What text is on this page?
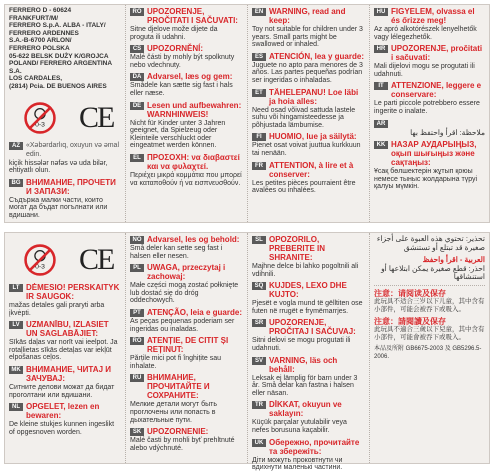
FERRERO D - 60624 FRANKFURT/M/
FERRERO S.p.A. ALBA - ITALY/
FERRERO ARDENNES
S.A.-B-6700 ARLON/
FERRERO POLSKA
05-622 BELSK DUŻY K/GROJCA
POLAND/ FERRERO ARGENTINA S.A.
LOS CARDALES,
(2814) Pcia. DE BUENOS AIRES
0-3 CE
AZ «Xəbərdarlıq, oxuyun və əmal edin.
kiçik hissələr nəfəs və uda bilər, ehtiyatlı olun.
BG ВНИМАНИЕ, ПРОЧЕТИ И ЗАПАЗИ:
Съдържа малки части, които могат да бъдат погълнати или вдишани.
RO UPOZORENJE, PROČITATI I SAČUVATI:
Sitne djelove može dijete da proguta ili udahni.
CS UPOZORNĚNÍ:
Malé části by mohly být spolknuty nebo vdechnuty.
DA Advarsel, læs og gem:
Smådele kan sætte sig fast i hals eller næse.
DE Lesen und aufbewahren: WARNHINWEIS!
Nicht für Kinder unter 3 Jahren geeignet, da Spielzeug oder Kleinteile verschluckt oder eingeatmet werden können.
EL ΠΡΟΣΟΧΗ: να διαβαστεί και να φυλαχτεί.
Περιέχει μικρά κομμάτια που μπορεί να καταποθούν ή να εισπνευσθούν.
EN WARNING, read and keep:
Toy not suitable for children under 3 years. Small parts might be swallowed or inhaled.
ES ATENCIÓN, lea y guarde:
Juguete no apto para menores de 3 años. Las partes pequeñas podrían ser ingeridas o inhaladas.
ET TÄHELEPANU! Loe läbi ja hoia alles:
Need osad võivad sattuda lastele suhu või hingamisteedesse ja põhjustada lämbumise.
FI HUOMIO, lue ja säilytä:
Pienet osat voivat juuttua kurkkuun tai nenään.
FR ATTENTION, à lire et à conserver:
Les petites pièces pourraient être avalées ou inhalées.
HU FIGYELEM, olvassa el és őrizze meg!
Az apró alkotórészek lenyelhetők vagy lélegezhetők.
HR UPOZORENJE, pročitati i sačuvati:
Mali dijelovi mogu se progutati ili udahnuti.
IT ATTENZIONE, leggere e conservare:
Le parti piccole potrebbero essere ingerite o inalate.
AR
ملاحظة: اقرأ واحتفظ بها
KK НАЗАР АУДАРЫҢЫЗ, оқып шығыңыз және сақтаңыз:
Ұсақ бөлшектерін жұтып қоюы немесе тыныс жолдарына түруі қалуы мүмкін.
0-3 CE
LT DĖMESIO! PERSKAITYK IR SAUGOK:
mažas detales gali praryti arba įkvėpti.
LV UZMANĪBU, IZLASIET UN SAGLABĀJIET:
Sīkās daļas var norīt vai ieelpot. Ja rotaļlietas sīkās detaļas var iekļūt elpošanas ceļos.
MK ВНИМАНИЕ, ЧИТАЈ И ЗАЧУВАЈ:
Ситните делови можат да бидат проголтани или вдишани.
NL OPGELET, lezen en bewaren:
De kleine stukjes kunnen ingeslikt of opgesnoven worden.
NO Advarsel, les og behold:
Små deler kan sette seg fast i halsen eller nesen.
PL UWAGA, przeczytaj i zachowaj:
Małe części mogą zostać połknięte lub dostać się do dróg oddechowych.
PT ATENÇÃO, leia e guarde:
As peças pequenas poderiam ser ingeridas ou inaladas.
RO ATENȚIE, DE CITIT ȘI REȚINUT:
Părțile mici pot fi înghițite sau inhalate.
RU ВНИМАНИЕ, ПРОЧИТАЙТЕ И СОХРАНИТЕ:
Мелкие детали могут быть проглочены или попасть в дыхательные пути.
SK UPOZORNENIE:
Malé časti by mohli byť prehltnuté alebo vdýchnuté.
SL OPOZORILO, PREBERITE IN SHRANITE:
Majhne delce bi lahko pogoltnili ali vdihnili.
SQ KUJDES, LEXO DHE KUJTO:
Pjesët e vogla mund të gëlltiten ose futen në rrugët e frymëmarrjes.
SR UPOZORENJE, PROČITAJ I SAČUVAJ:
Sitni delovi se mogu progutati ili udahnuti.
SV VARNING, läs och behåll:
Leksak ej lämplig för barn under 3 år. Små delar kan fastna i halsen eller näsan.
TR DİKKAT, okuyun ve saklayın:
Küçük parçalar yutulabilir veya nefes borusuna kaçabilir.
UK Обережно, прочитайте та збережіть:
Діти можуть проковтнути чи вдихнути маленькі частини.
تحذير: تحتوي هذه العبوة على أجزاء صغيرة قد تبتلع أو تستنشق
العربية - اقرأ واحفظ
احذر: قطع صغيرة يمكن ابتلاعها أو استنشاقها
注意：请阅读及保存
此玩具不适合三岁以下儿童，其中含有小部件，可能会被吞下或吸入。
注意：請閱讀及保存
此玩具不適合三歲以下兒童，其中含有小部件，可能會被吞下或吸入。
本品及所附 GB6675-2003 及 GB5296.5-2006.
